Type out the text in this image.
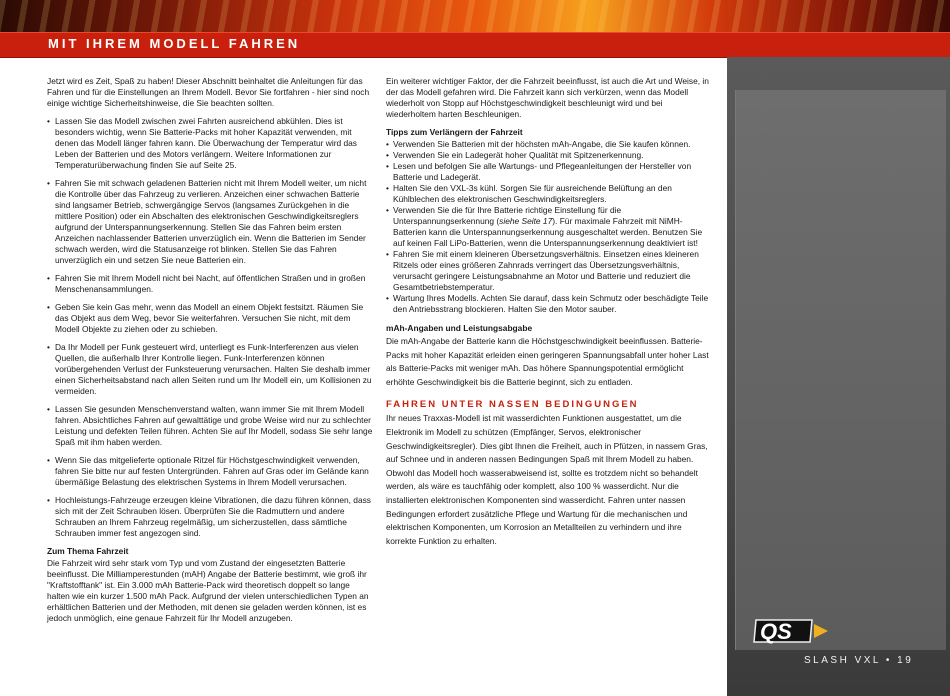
MIT IHREM MODELL FAHREN
QS
SLASH VXL • 19

Jetzt wird es Zeit, Spaß zu haben! Dieser Abschnitt beinhaltet die Anleitungen für das Fahren und für die Einstellungen an Ihrem Modell. Bevor Sie fortfahren - hier sind noch einige wichtige Sicherheitshinweise, die Sie beachten sollten.

• Lassen Sie das Modell zwischen zwei Fahrten ausreichend abkühlen. Dies ist besonders wichtig, wenn Sie Batterie-Packs mit hoher Kapazität verwenden, mit denen das Modell länger fahren kann. Die Überwachung der Temperatur wird das Leben der Batterien und des Motors verlängern. Weitere Informationen zur Temperaturüberwachung finden Sie auf Seite 25.
• Fahren Sie mit schwach geladenen Batterien nicht mit Ihrem Modell weiter, um nicht die Kontrolle über das Fahrzeug zu verlieren. Anzeichen einer schwachen Batterie sind langsamer Betrieb, schwergängige Servos (langsames Zurückgehen in die mittlere Position) oder ein Abschalten des elektronischen Geschwindigkeitsreglers aufgrund der Unterspannungserkennung. Stellen Sie das Fahren beim ersten Anzeichen nachlassender Batterien unverzüglich ein. Wenn die Batterien im Sender schwach werden, wird die Statusanzeige rot blinken. Stellen Sie das Fahren unverzüglich ein und setzen Sie neue Batterien ein.
• Fahren Sie mit Ihrem Modell nicht bei Nacht, auf öffentlichen Straßen und in großen Menschenansammlungen.
• Geben Sie kein Gas mehr, wenn das Modell an einem Objekt festsitzt. Räumen Sie das Objekt aus dem Weg, bevor Sie weiterfahren. Versuchen Sie nicht, mit dem Modell Objekte zu ziehen oder zu schieben.
• Da Ihr Modell per Funk gesteuert wird, unterliegt es Funk-Interferenzen aus vielen Quellen, die außerhalb Ihrer Kontrolle liegen. Funk-Interferenzen können vorübergehenden Verlust der Funksteuerung verursachen. Halten Sie deshalb immer einen Sicherheitsabstand nach allen Seiten rund um Ihr Modell ein, um Kollisionen zu vermeiden.
• Lassen Sie gesunden Menschenverstand walten, wann immer Sie mit Ihrem Modell fahren. Absichtliches Fahren auf gewalttätige und grobe Weise wird nur zu schlechter Leistung und defekten Teilen führen. Achten Sie auf Ihr Modell, sodass Sie sehr lange Spaß mit ihm haben werden.
• Wenn Sie das mitgelieferte optionale Ritzel für Höchstgeschwindigkeit verwenden, fahren Sie bitte nur auf festen Untergründen. Fahren auf Gras oder im Gelände kann übermäßige Belastung des elektrischen Systems in Ihrem Modell verursachen.
• Hochleistungs-Fahrzeuge erzeugen kleine Vibrationen, die dazu führen können, dass sich mit der Zeit Schrauben lösen. Überprüfen Sie die Radmuttern und andere Schrauben an Ihrem Fahrzeug regelmäßig, um sicherzustellen, dass sämtliche Schrauben immer fest angezogen sind.
Zum Thema Fahrzeit

Die Fahrzeit wird sehr stark vom Typ und vom Zustand der eingesetzten Batterie beeinflusst. Die Milliamperestunden (mAH) Angabe der Batterie bestimmt, wie groß ihr "Kraftstofftank" ist. Ein 3.000 mAh Batterie-Pack wird theoretisch doppelt so lange halten wie ein kurzer 1.500 mAh Pack. Aufgrund der vielen unterschiedlichen Typen an erhältlichen Batterien und der Methoden, mit denen sie geladen werden können, ist es jedoch unmöglich, eine genaue Fahrzeit für Ihr Modell anzugeben.

Ein weiterer wichtiger Faktor, der die Fahrzeit beeinflusst, ist auch die Art und Weise, in der das Modell gefahren wird. Die Fahrzeit kann sich verkürzen, wenn das Modell wiederholt von Stopp auf Höchstgeschwindigkeit beschleunigt wird und bei wiederholtem harten Beschleunigen.

Tipps zum Verlängern der Fahrzeit
• Verwenden Sie Batterien mit der höchsten mAh-Angabe, die Sie kaufen können.
• Verwenden Sie ein Ladegerät hoher Qualität mit Spitzenerkennung.
• Lesen und befolgen Sie alle Wartungs- und Pflegeanleitungen der Hersteller von Batterie und Ladegerät.
• Halten Sie den VXL-3s kühl. Sorgen Sie für ausreichende Belüftung an den Kühlblechen des elektronischen Geschwindigkeitsreglers.
• Verwenden Sie die für Ihre Batterie richtige Einstellung für die Unterspannungserkennung (siehe Seite 17). Für maximale Fahrzeit mit NiMH-Batterien kann die Unterspannungserkennung ausgeschaltet werden. Benutzen Sie auf keinen Fall LiPo-Batterien, wenn die Unterspannungserkennung deaktiviert ist!
• Fahren Sie mit einem kleineren Übersetzungsverhältnis. Einsetzen eines kleineren Ritzels oder eines größeren Zahnrads verringert das Übersetzungsverhältnis, verursacht geringere Leistungsabnahme an Motor und Batterie und reduziert die Gesamtbetriebstemperatur.
• Wartung Ihres Modells. Achten Sie darauf, dass kein Schmutz oder beschädigte Teile den Antriebsstrang blockieren. Halten Sie den Motor sauber.
mAh-Angaben und Leistungsabgabe

Die mAh-Angabe der Batterie kann die Höchstgeschwindigkeit beeinflussen. Batterie-Packs mit hoher Kapazität erleiden einen geringeren Spannungsabfall unter hoher Last als Batterie-Packs mit weniger mAh. Das höhere Spannungspotential ermöglicht erhöhte Geschwindigkeit bis die Batterie beginnt, sich zu entladen.

FAHREN UNTER NASSEN BEDINGUNGEN

Ihr neues Traxxas-Modell ist mit wasserdichten Funktionen ausgestattet, um die Elektronik im Modell zu schützen (Empfänger, Servos, elektronischer Geschwindigkeitsregler). Dies gibt Ihnen die Freiheit, auch in Pfützen, in nassem Gras, auf Schnee und in anderen nassen Bedingungen Spaß mit Ihrem Modell zu haben. Obwohl das Modell hoch wasserabweisend ist, sollte es trotzdem nicht so behandelt werden, als wäre es tauchfähig oder komplett, also 100 % wasserdicht. Nur die installierten elektronischen Komponenten sind wasserdicht. Fahren unter nassen Bedingungen erfordert zusätzliche Pflege und Wartung für die mechanischen und elektrischen Komponenten, um Korrosion an Metallteilen zu verhindern und ihre korrekte Funktion zu erhalten.
